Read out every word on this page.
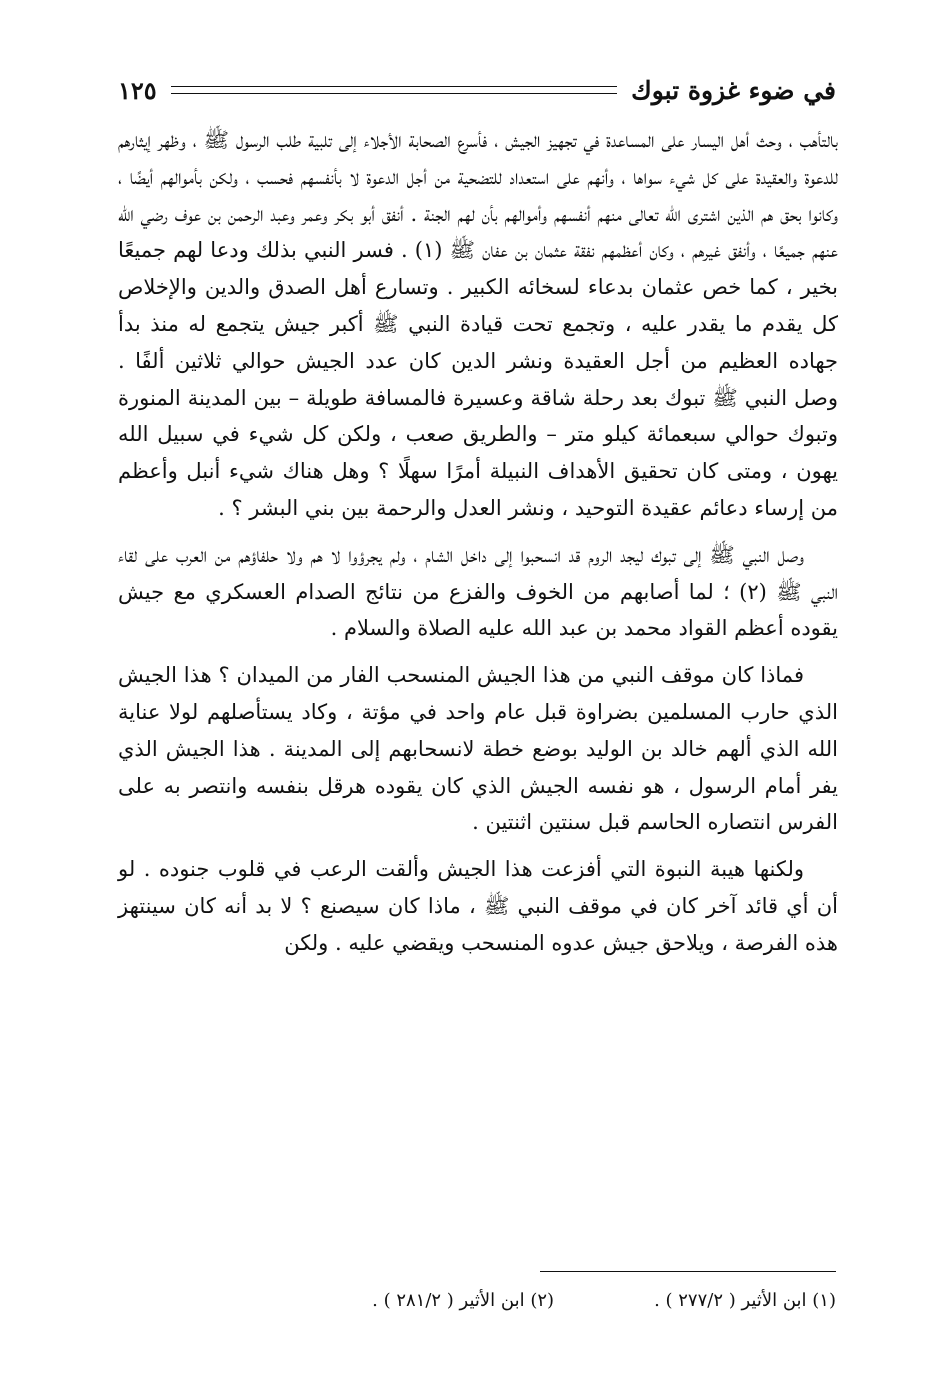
في ضوء غزوة تبوك
١٢٥

بالتأهب ، وحث أهل اليسار على المساعدة في تجهيز الجيش ، فأسرع الصحابة الأجلاء إلى تلبية طلب الرسول ﷺ ، وظهر إيثارهم للدعوة والعقيدة على كل شيء سواها ، وأنهم على استعداد للتضحية من أجل الدعوة لا بأنفسهم فحسب ، ولكن بأموالهم أيضًا ، وكانوا بحق هم الذين اشترى الله تعالى منهم أنفسهم وأموالهم بأن لهم الجنة . أنفق أبو بكر وعمر وعبد الرحمن بن عوف رضي الله عنهم جميعًا ، وأنفق غيرهم ، وكان أعظمهم نفقة عثمان بن عفان ﷺ (١) . فسر النبي بذلك ودعا لهم جميعًا بخير ، كما خص عثمان بدعاء لسخائه الكبير . وتسارع أهل الصدق والدين والإخلاص كل يقدم ما يقدر عليه ، وتجمع تحت قيادة النبي ﷺ أكبر جيش يتجمع له منذ بدأ جهاده العظيم من أجل العقيدة ونشر الدين كان عدد الجيش حوالي ثلاثين ألفًا . وصل النبي ﷺ تبوك بعد رحلة شاقة وعسيرة فالمسافة طويلة – بين المدينة المنورة وتبوك حوالي سبعمائة كيلو متر – والطريق صعب ، ولكن كل شيء في سبيل الله يهون ، ومتى كان تحقيق الأهداف النبيلة أمرًا سهلًا ؟ وهل هناك شيء أنبل وأعظم من إرساء دعائم عقيدة التوحيد ، ونشر العدل والرحمة بين بني البشر ؟ .

وصل النبي ﷺ إلى تبوك ليجد الروم قد انسحبوا إلى داخل الشام ، ولم يجرؤوا لا هم ولا حلفاؤهم من العرب على لقاء النبي ﷺ (٢) ؛ لما أصابهم من الخوف والفزع من نتائج الصدام العسكري مع جيش يقوده أعظم القواد محمد بن عبد الله عليه الصلاة والسلام .

فماذا كان موقف النبي من هذا الجيش المنسحب الفار من الميدان ؟ هذا الجيش الذي حارب المسلمين بضراوة قبل عام واحد في مؤتة ، وكاد يستأصلهم لولا عناية الله الذي ألهم خالد بن الوليد بوضع خطة لانسحابهم إلى المدينة . هذا الجيش الذي يفر أمام الرسول ، هو نفسه الجيش الذي كان يقوده هرقل بنفسه وانتصر به على الفرس انتصاره الحاسم قبل سنتين اثنتين .

ولكنها هيبة النبوة التي أفزعت هذا الجيش وألقت الرعب في قلوب جنوده . لو أن أي قائد آخر كان في موقف النبي ﷺ ، ماذا كان سيصنع ؟ لا بد أنه كان سينتهز هذه الفرصة ، ويلاحق جيش عدوه المنسحب ويقضي عليه . ولكن

(١) ابن الأثير ( ٢٧٧/٢ ) .
(٢) ابن الأثير ( ٢٨١/٢ ) .
